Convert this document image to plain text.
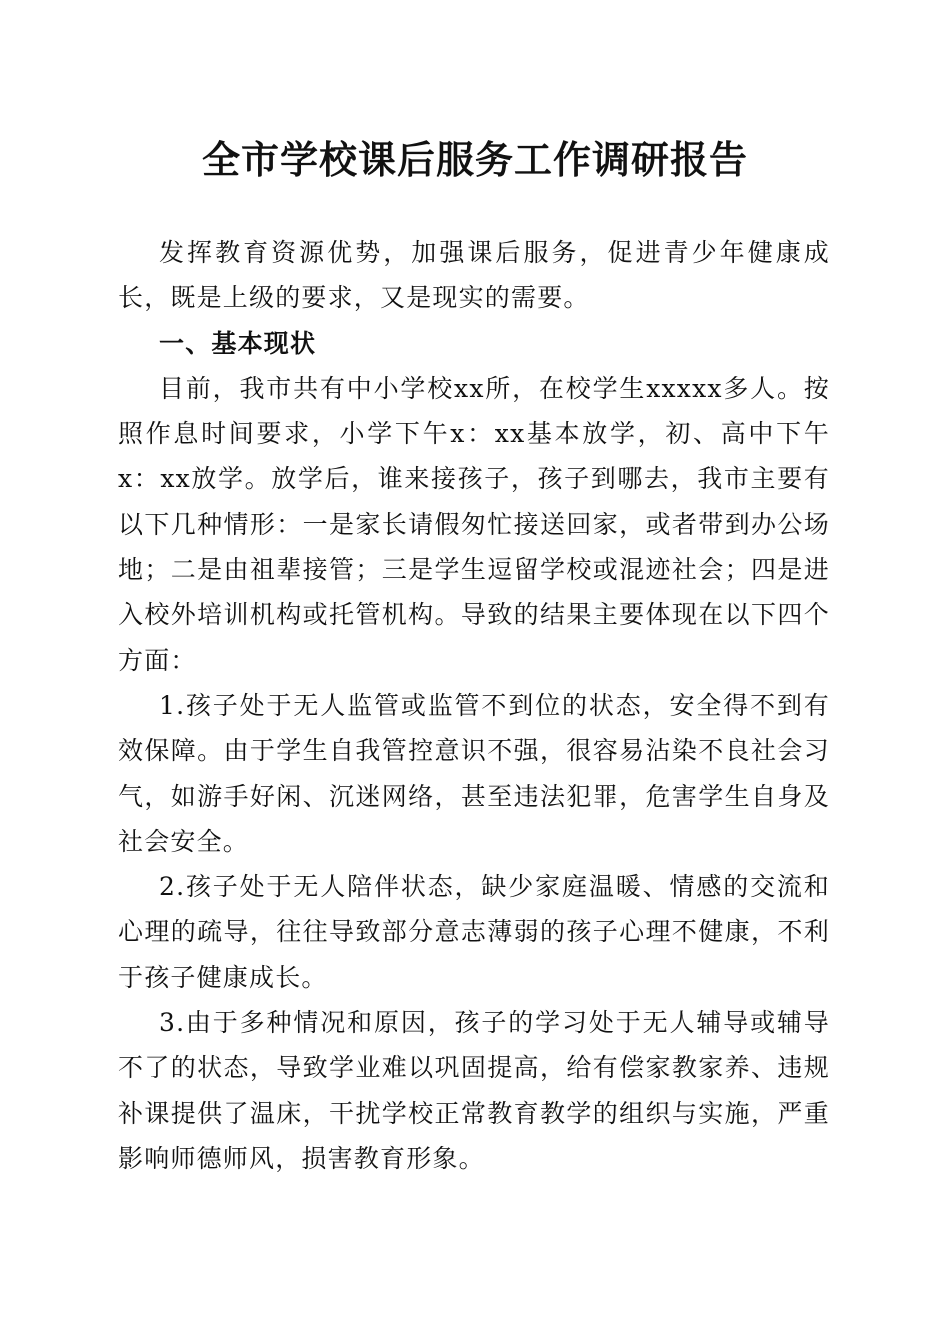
全市学校课后服务工作调研报告

发挥教育资源优势，加强课后服务，促进青少年健康成长，既是上级的要求，又是现实的需要。

一、基本现状

目前，我市共有中小学校xx所，在校学生xxxxx多人。按照作息时间要求，小学下午x：xx基本放学，初、高中下午x：xx放学。放学后，谁来接孩子，孩子到哪去，我市主要有以下几种情形：一是家长请假匆忙接送回家，或者带到办公场地；二是由祖辈接管；三是学生逗留学校或混迹社会；四是进入校外培训机构或托管机构。导致的结果主要体现在以下四个方面：

1.孩子处于无人监管或监管不到位的状态，安全得不到有效保障。由于学生自我管控意识不强，很容易沾染不良社会习气，如游手好闲、沉迷网络，甚至违法犯罪，危害学生自身及社会安全。

2.孩子处于无人陪伴状态，缺少家庭温暖、情感的交流和心理的疏导，往往导致部分意志薄弱的孩子心理不健康，不利于孩子健康成长。

3.由于多种情况和原因，孩子的学习处于无人辅导或辅导不了的状态，导致学业难以巩固提高，给有偿家教家养、违规补课提供了温床，干扰学校正常教育教学的组织与实施，严重影响师德师风，损害教育形象。
